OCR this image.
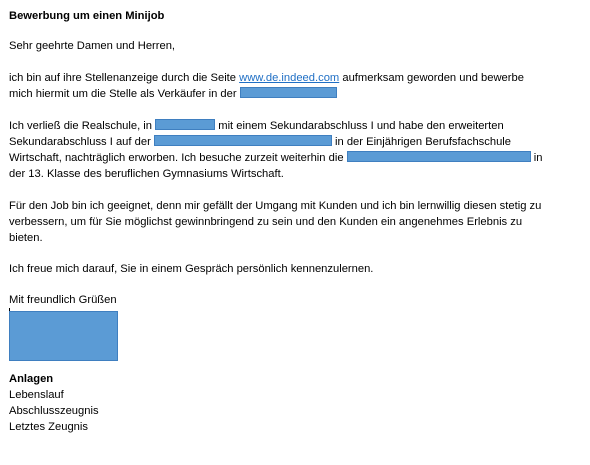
Bewerbung um einen Minijob
Sehr geehrte Damen und Herren,
ich bin auf ihre Stellenanzeige durch die Seite www.de.indeed.com aufmerksam geworden und bewerbe
mich hiermit um die Stelle als Verkäufer in der
Ich verließ die Realschule, in	mit einem Sekundarabschluss I und habe den erweiterten
Sekundarabschluss I auf der	in der Einjährigen Berufsfachschule
Wirtschaft, nachträglich erworben. Ich besuche zurzeit weiterhin die	in
der 13. Klasse des beruflichen Gymnasiums Wirtschaft.
Für den Job bin ich geeignet, denn mir gefällt der Umgang mit Kunden und ich bin lernwillig diesen stetig zu
verbessern, um für Sie möglichst gewinnbringend zu sein und den Kunden ein angenehmes Erlebnis zu
bieten.
Ich freue mich darauf, Sie in einem Gespräch persönlich kennenzulernen.
Mit freundlich Grüßen
Anlagen
Lebenslauf
Abschlusszeugnis
Letztes Zeugnis
